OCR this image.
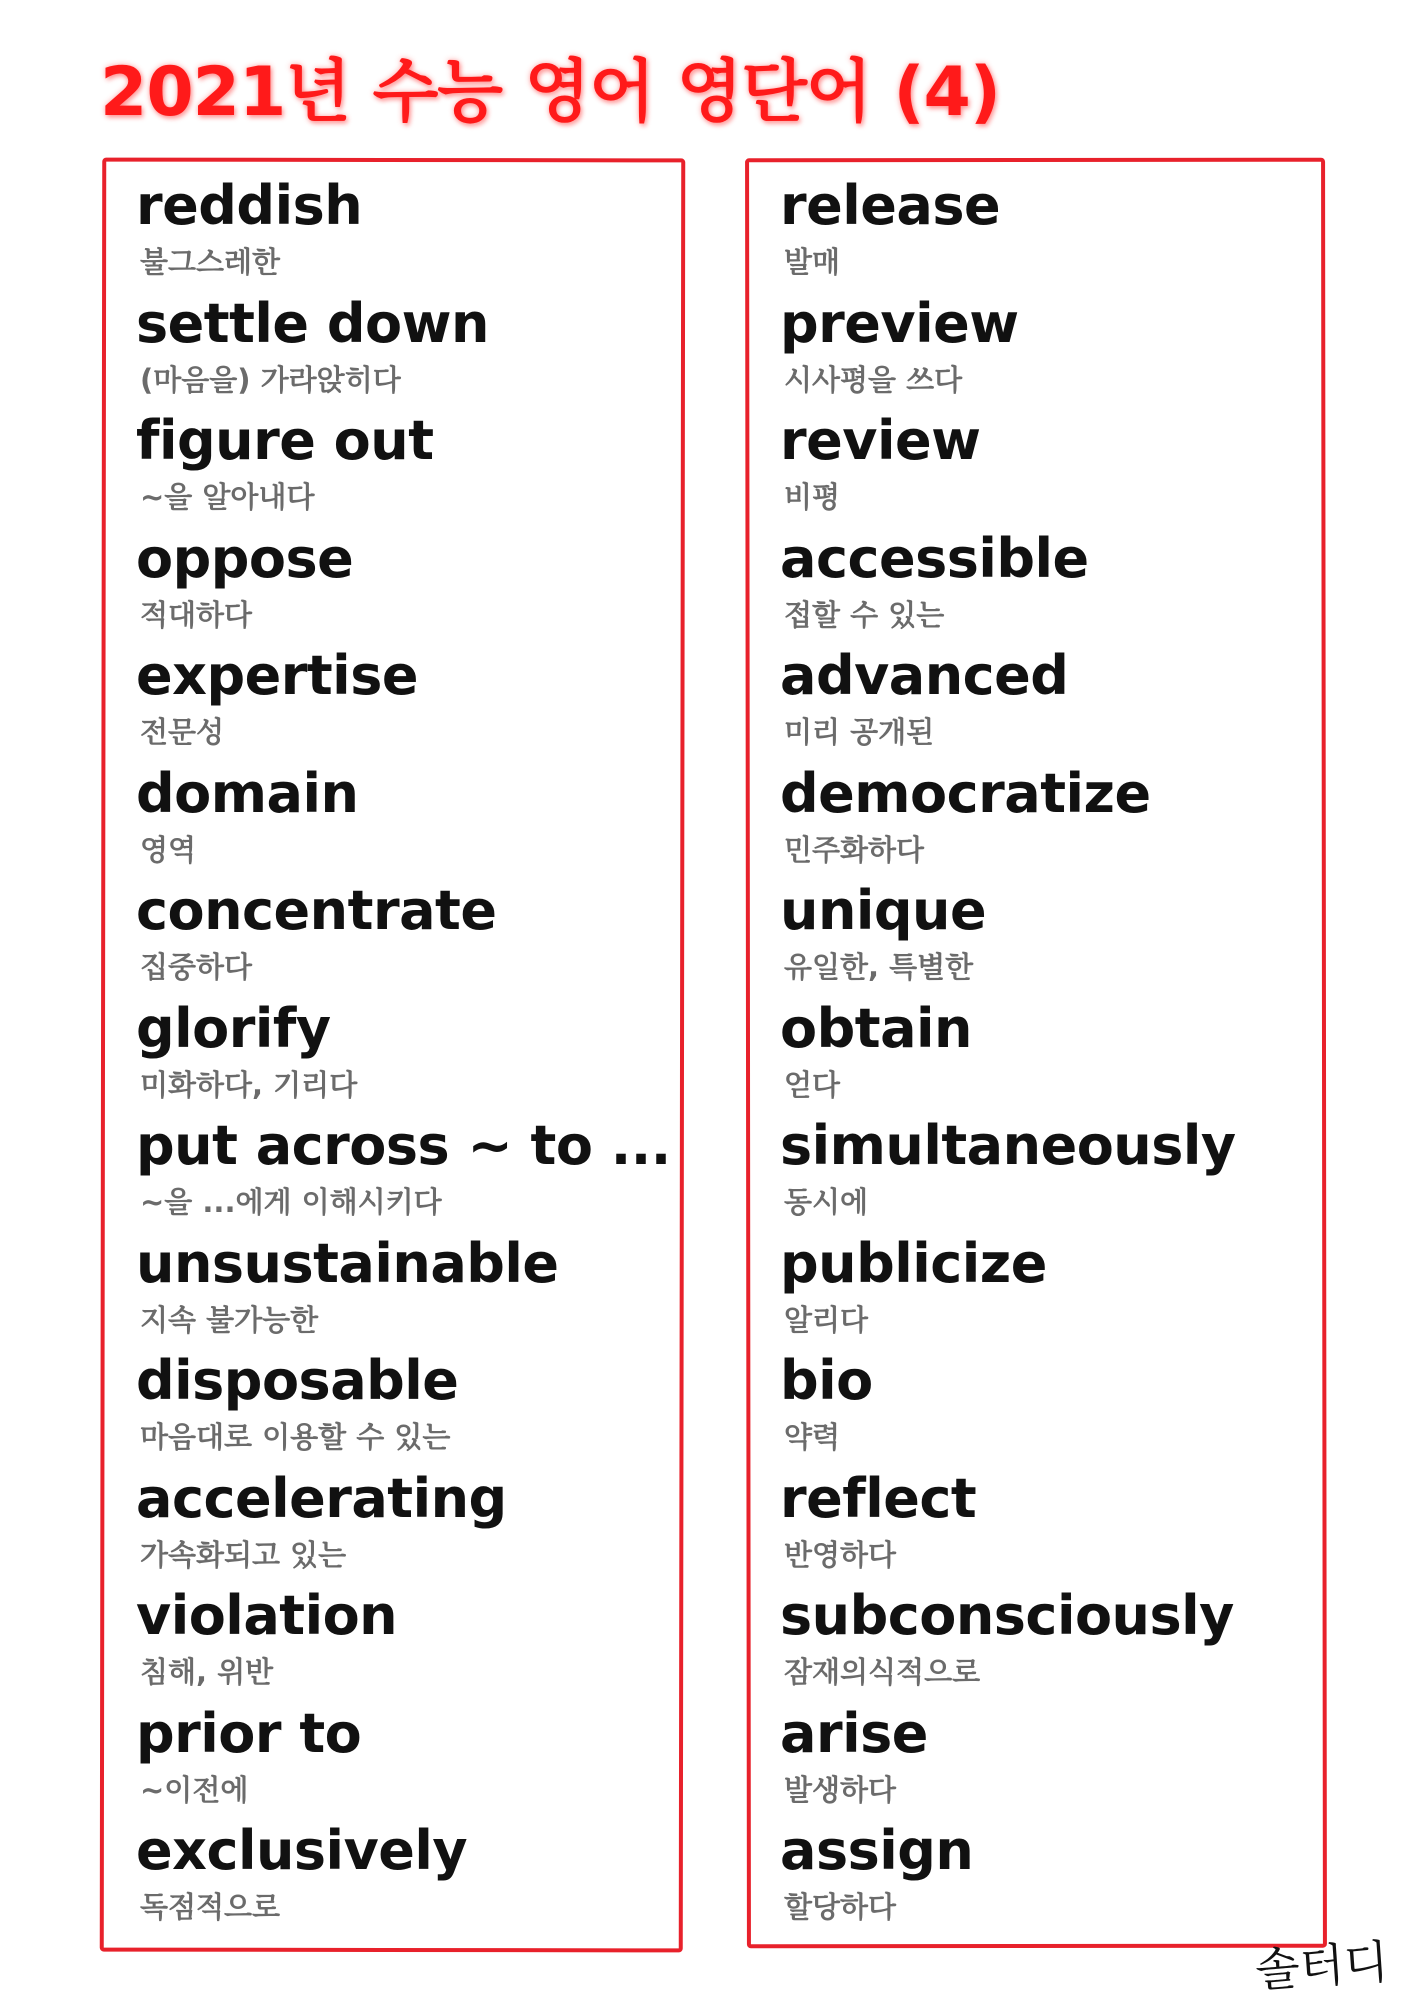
2021년 수능 영어 영단어 (4)
reddish
불그스레한
settle down
(마음을) 가라앉히다
figure out
~을 알아내다
oppose
적대하다
expertise
전문성
domain
영역
concentrate
집중하다
glorify
미화하다, 기리다
put across ~ to ...
~을 ...에게 이해시키다
unsustainable
지속 불가능한
disposable
마음대로 이용할 수 있는
accelerating
가속화되고 있는
violation
침해, 위반
prior to
~이전에
exclusively
독점적으로
release
발매
preview
시사평을 쓰다
review
비평
accessible
접할 수 있는
advanced
미리 공개된
democratize
민주화하다
unique
유일한, 특별한
obtain
얻다
simultaneously
동시에
publicize
알리다
bio
약력
reflect
반영하다
subconsciously
잠재의식적으로
arise
발생하다
assign
할당하다
솔터디
